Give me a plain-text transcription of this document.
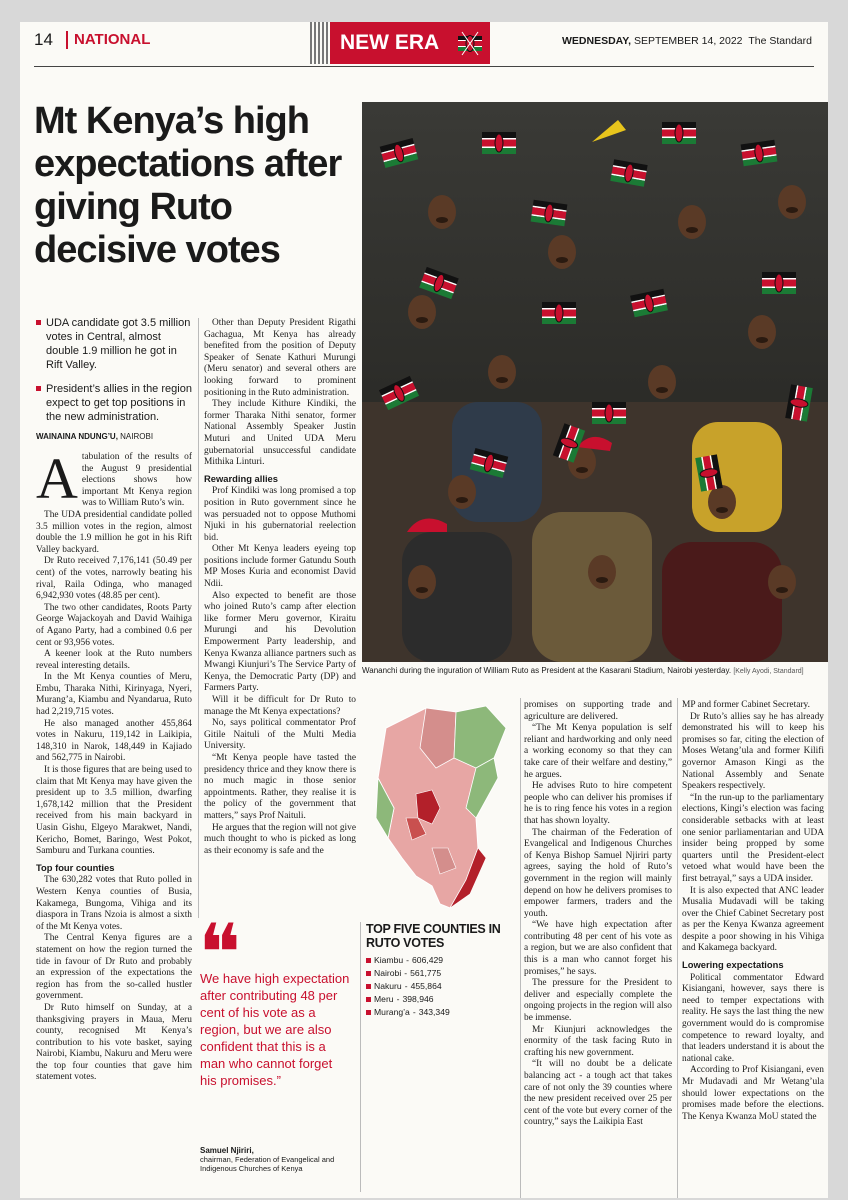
14	NATIONAL	NEW ERA	WEDNESDAY, SEPTEMBER 14, 2022 The Standard
Mt Kenya’s high expectations after giving Ruto decisive votes
UDA candidate got 3.5 million votes in Central, almost double 1.9 million he got in Rift Valley.
President’s allies in the region expect to get top positions in the new administration.
WAINAINA NDUNG’U, NAIROBI

Atabulation of the results of the August 9 presidential elections shows how important Mt Kenya region was to William Ruto’s win.

The UDA presidential candidate polled 3.5 million votes in the region, almost double the 1.9 million he got in his Rift Valley backyard.

Dr Ruto received 7,176,141 (50.49 per cent) of the votes, narrowly beating his rival, Raila Odinga, who managed 6,942,930 votes (48.85 per cent).

The two other candidates, Roots Party George Wajackoyah and David Waihiga of Agano Party, had a combined 0.6 per cent or 93,956 votes.

A keener look at the Ruto numbers reveal interesting details.

In the Mt Kenya counties of Meru, Embu, Tharaka Nithi, Kirinyaga, Nyeri, Murang’a, Kiambu and Nyandarua, Ruto had 2,219,715 votes.

He also managed another 455,864 votes in Nakuru, 119,142 in Laikipia, 148,310 in Narok, 148,449 in Kajiado and 562,775 in Nairobi.

It is those figures that are being used to claim that Mt Kenya may have given the president up to 3.5 million, dwarfing 1,678,142 million that the President received from his main backyard in Uasin Gishu, Elgeyo Marakwet, Nandi, Kericho, Bomet, Baringo, West Pokot, Samburu and Turkana counties.

Top four counties

The 630,282 votes that Ruto polled in Western Kenya counties of Busia, Kakamega, Bungoma, Vihiga and its diaspora in Trans Nzoia is almost a sixth of the Mt Kenya votes.

The Central Kenya figures are a statement on how the region turned the tide in favour of Dr Ruto and probably an expression of the expectations the region has from the so-called hustler government.

Dr Ruto himself on Sunday, at a thanksgiving prayers in Maua, Meru county, recognised Mt Kenya’s contribution to his vote basket, saying Nairobi, Kiambu, Nakuru and Meru were the top four counties that gave him statement votes.

Other than Deputy President Rigathi Gachagua, Mt Kenya has already benefited from the position of Deputy Speaker of Senate Kathuri Murungi (Meru senator) and several others are looking forward to prominent positioning in the Ruto administration.

They include Kithure Kindiki, the former Tharaka Nithi senator, former National Assembly Speaker Justin Muturi and United UDA Meru gubernatorial unsuccessful candidate Mithika Linturi.

Rewarding allies

Prof Kindiki was long promised a top position in Ruto government since he was persuaded not to oppose Muthomi Njuki in his gubernatorial reelection bid.

Other Mt Kenya leaders eyeing top positions include former Gatundu South MP Moses Kuria and economist David Ndii.

Also expected to benefit are those who joined Ruto’s camp after election like former Meru governor, Kiraitu Murungi and his Devolution Empowerment Party leadership, and Kenya Kwanza alliance partners such as Mwangi Kiunjuri’s The Service Party of Kenya, the Democratic Party (DP) and Farmers Party.

Will it be difficult for Dr Ruto to manage the Mt Kenya expectations?

No, says political commentator Prof Gitile Naituli of the Multi Media University.

“Mt Kenya people have tasted the presidency thrice and they know there is no much magic in those senior appointments. Rather, they realise it is the policy of the government that matters,” says Prof Naituli.

He argues that the region will not give much thought to who is picked as long as their economy is safe and the

Wananchi during the inguration of William Ruto as President at the Kasarani Stadium, Nairobi yesterday. [Kelly Ayodi, Standard]
TOP FIVE COUNTIES IN RUTO VOTES
Kiambu - 606,429
Nairobi - 561,775
Nakuru - 455,864
Meru - 398,946
Murang’a - 343,349
❝
We have high expectation after contributing 48 per cent of his vote as a region, but we are also confident that this is a man who cannot forget his promises.”
Samuel Njiriri,
chairman, Federation of Evangelical and Indigenous Churches of Kenya

promises on supporting trade and agriculture are delivered.

“The Mt Kenya population is self reliant and hardworking and only need a working economy so that they can take care of their welfare and destiny,” he argues.

He advises Ruto to hire competent people who can deliver his promises if he is to ring fence his votes in a region that has shown loyalty.

The chairman of the Federation of Evangelical and Indigenous Churches of Kenya Bishop Samuel Njiriri party agrees, saying the hold of Ruto’s government in the region will mainly depend on how he delivers promises to empower farmers, traders and the youth.

“We have high expectation after contributing 48 per cent of his vote as a region, but we are also confident that this is a man who cannot forget his promises,” he says.

The pressure for the President to deliver and especially complete the ongoing projects in the region will also be immense.

Mr Kiunjuri acknowledges the enormity of the task facing Ruto in crafting his new government.

“It will no doubt be a delicate balancing act - a tough act that takes care of not only the 39 counties where the new president received over 25 per cent of the vote but every corner of the country,” says the Laikipia East

MP and former Cabinet Secretary.

Dr Ruto’s allies say he has already demonstrated his will to keep his promises so far, citing the election of Moses Wetang’ula and former Kilifi governor Amason Kingi as the National Assembly and Senate Speakers respectively.

“In the run-up to the parliamentary elections, Kingi’s election was facing considerable setbacks with at least one senior parliamentarian and UDA insider being propped by some quarters until the President-elect vetoed what would have been the first betrayal,” says a UDA insider.

It is also expected that ANC leader Musalia Mudavadi will be taking over the Chief Cabinet Secretary post as per the Kenya Kwanza agreement despite a poor showing in his Vihiga and Kakamega backyard.

Lowering expectations

Political commentator Edward Kisiangani, however, says there is need to temper expectations with reality. He says the last thing the new government would do is compromise competence to reward loyalty, and that leaders understand it is about the national cake.

According to Prof Kisiangani, even Mr Mudavadi and Mr Wetang’ula should lower expectations on the promises made before the elections. The Kenya Kwanza MoU stated the
